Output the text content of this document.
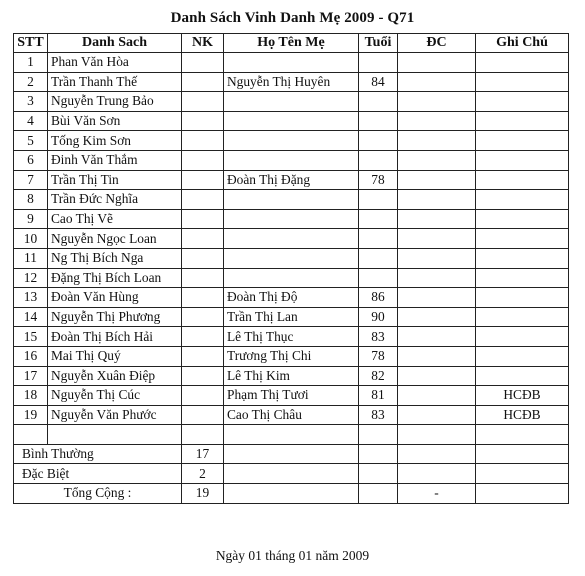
Danh Sách Vinh Danh Mẹ 2009 - Q71
STT	Danh Sach	NK	Họ Tên Mẹ	Tuổi	ĐC	Ghi Chú
1	Phan Văn Hòa					
2	Trần Thanh Thế		Nguyễn Thị Huyên	84		
3	Nguyễn Trung Bảo					
4	Bùi Văn Sơn					
5	Tống Kim Sơn					
6	Đinh Văn Thắm					
7	Trần Thị Tin		Đoàn Thị Đặng	78		
8	Trần Đức Nghĩa					
9	Cao Thị Vẽ					
10	Nguyễn Ngọc Loan					
11	Ng Thị Bích Nga					
12	Đặng Thị Bích Loan					
13	Đoàn Văn Hùng		Đoàn Thị Độ	86		
14	Nguyễn Thị Phương		Trần Thị Lan	90		
15	Đoàn Thị Bích Hải		Lê Thị Thục	83		
16	Mai Thị Quý		Trương Thị Chi	78		
17	Nguyễn Xuân Điệp		Lê Thị Kim	82		
18	Nguyễn Thị Cúc		Phạm Thị Tươi	81		HCĐB
19	Nguyễn Văn Phước		Cao Thị Châu	83		HCĐB

Bình Thường		17				
Đặc Biệt		2				
Tổng Cộng :		19			-	
Ngày 01 tháng 01 năm 2009
